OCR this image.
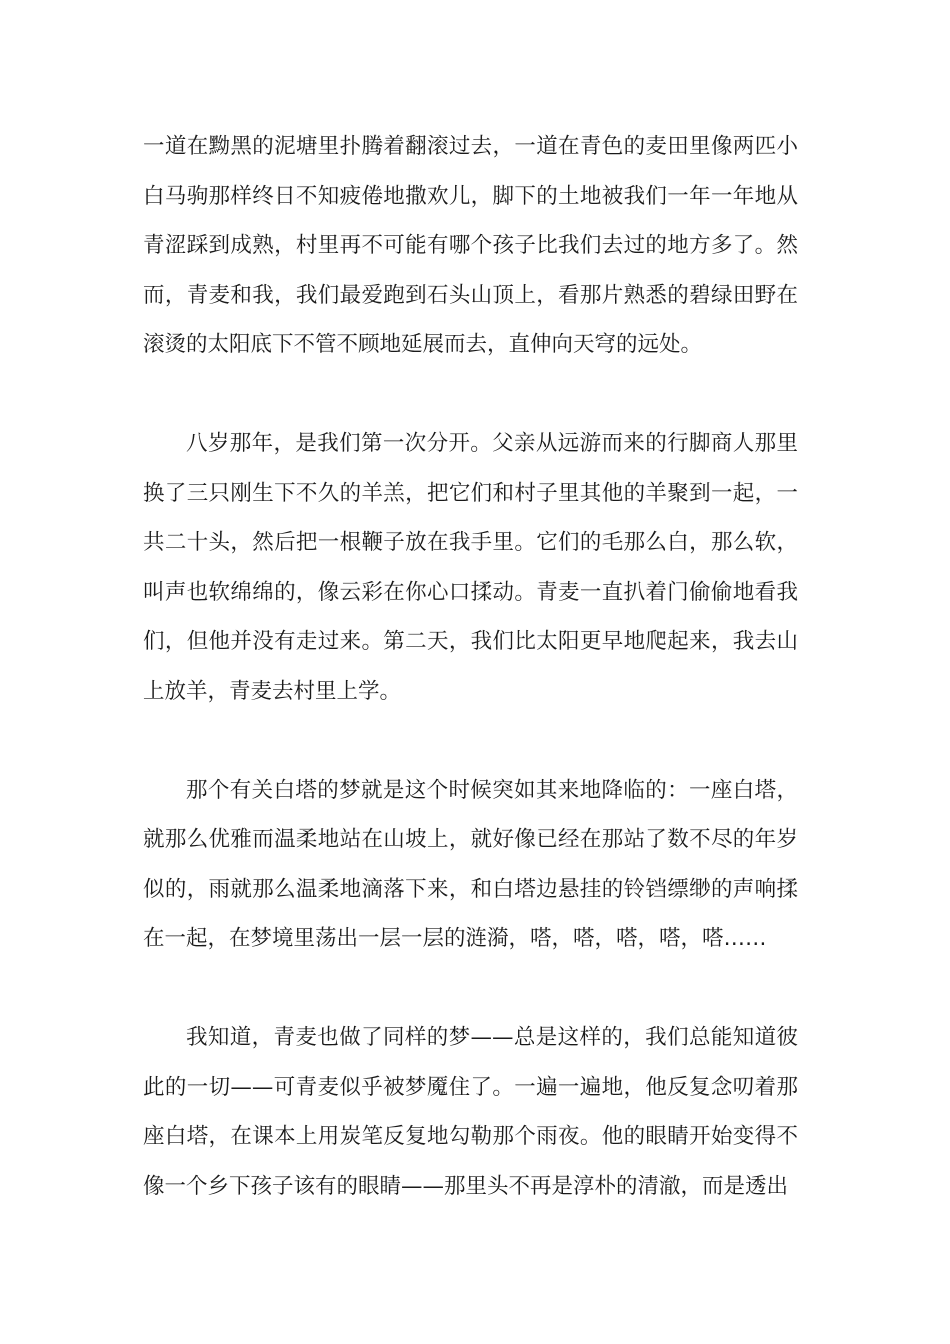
一道在黝黑的泥塘里扑腾着翻滚过去，一道在青色的麦田里像两匹小白马驹那样终日不知疲倦地撒欢儿，脚下的土地被我们一年一年地从青涩踩到成熟，村里再不可能有哪个孩子比我们去过的地方多了。然而，青麦和我，我们最爱跑到石头山顶上，看那片熟悉的碧绿田野在滚烫的太阳底下不管不顾地延展而去，直伸向天穹的远处。

八岁那年，是我们第一次分开。父亲从远游而来的行脚商人那里换了三只刚生下不久的羊羔，把它们和村子里其他的羊聚到一起，一共二十头，然后把一根鞭子放在我手里。它们的毛那么白，那么软，叫声也软绵绵的，像云彩在你心口揉动。青麦一直扒着门偷偷地看我们，但他并没有走过来。第二天，我们比太阳更早地爬起来，我去山上放羊，青麦去村里上学。

那个有关白塔的梦就是这个时候突如其来地降临的：一座白塔，就那么优雅而温柔地站在山坡上，就好像已经在那站了数不尽的年岁似的，雨就那么温柔地滴落下来，和白塔边悬挂的铃铛缥缈的声响揉在一起，在梦境里荡出一层一层的涟漪，嗒，嗒，嗒，嗒，嗒……

我知道，青麦也做了同样的梦——总是这样的，我们总能知道彼此的一切——可青麦似乎被梦魇住了。一遍一遍地，他反复念叨着那座白塔，在课本上用炭笔反复地勾勒那个雨夜。他的眼睛开始变得不像一个乡下孩子该有的眼睛——那里头不再是淳朴的清澈，而是透出
